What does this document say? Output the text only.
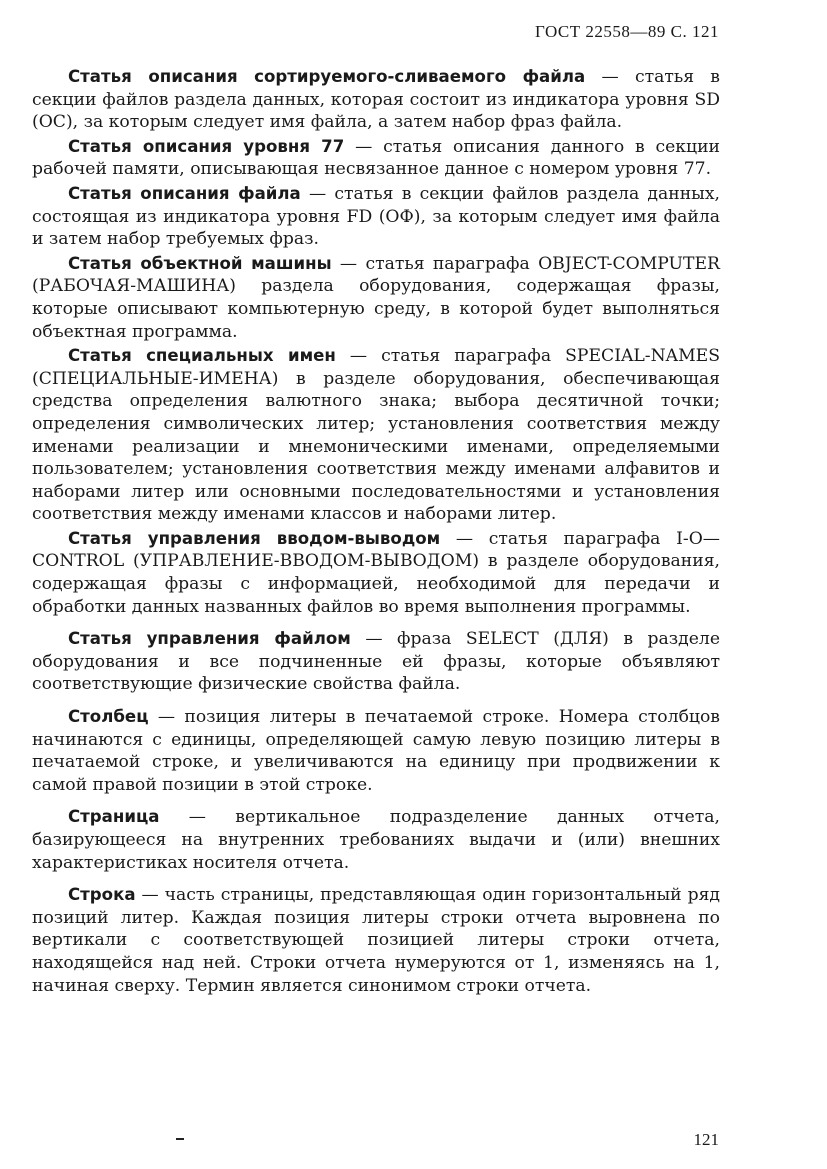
ГОСТ 22558—89 С. 121

Статья описания сортируемого-сливаемого файла — статья в секции файлов раздела данных, которая состоит из индикатора уровня SD (ОС), за которым следует имя файла, а затем набор фраз файла.

Статья описания уровня 77 — статья описания данного в секции рабочей памяти, описывающая несвязанное данное с номером уровня 77.

Статья описания файла — статья в секции файлов раздела данных, состоящая из индикатора уровня FD (ОФ), за которым следует имя файла и затем набор требуемых фраз.

Статья объектной машины — статья параграфа OBJECT-COMPUTER (РАБОЧАЯ-МАШИНА) раздела оборудования, содержащая фразы, которые описывают компьютерную среду, в которой будет выполняться объектная программа.

Статья специальных имен — статья параграфа SPECIAL-NAMES (СПЕЦИАЛЬНЫЕ-ИМЕНА) в разделе оборудования, обеспечивающая средства определения валютного знака; выбора десятичной точки; определения символических литер; установления соответствия между именами реализации и мнемоническими именами, определяемыми пользователем; установления соответствия между именами алфавитов и наборами литер или основными последовательностями и установления соответствия между именами классов и наборами литер.

Статья управления вводом-выводом — статья параграфа I-O—CONTROL (УПРАВЛЕНИЕ-ВВОДОМ-ВЫВОДОМ) в разделе оборудования, содержащая фразы с информацией, необходимой для передачи и обработки данных названных файлов во время выполнения программы.

Статья управления файлом — фраза SELECT (ДЛЯ) в разделе оборудования и все подчиненные ей фразы, которые объявляют соответствующие физические свойства файла.

Столбец — позиция литеры в печатаемой строке. Номера столбцов начинаются с единицы, определяющей самую левую позицию литеры в печатаемой строке, и увеличиваются на единицу при продвижении к самой правой позиции в этой строке.

Страница — вертикальное подразделение данных отчета, базирующееся на внутренних требованиях выдачи и (или) внешних характеристиках носителя отчета.

Строка — часть страницы, представляющая один горизонтальный ряд позиций литер. Каждая позиция литеры строки отчета выровнена по вертикали с соответствующей позицией литеры строки отчета, находящейся над ней. Строки отчета нумеруются от 1, изменяясь на 1, начиная сверху. Термин является синонимом строки отчета.

121
